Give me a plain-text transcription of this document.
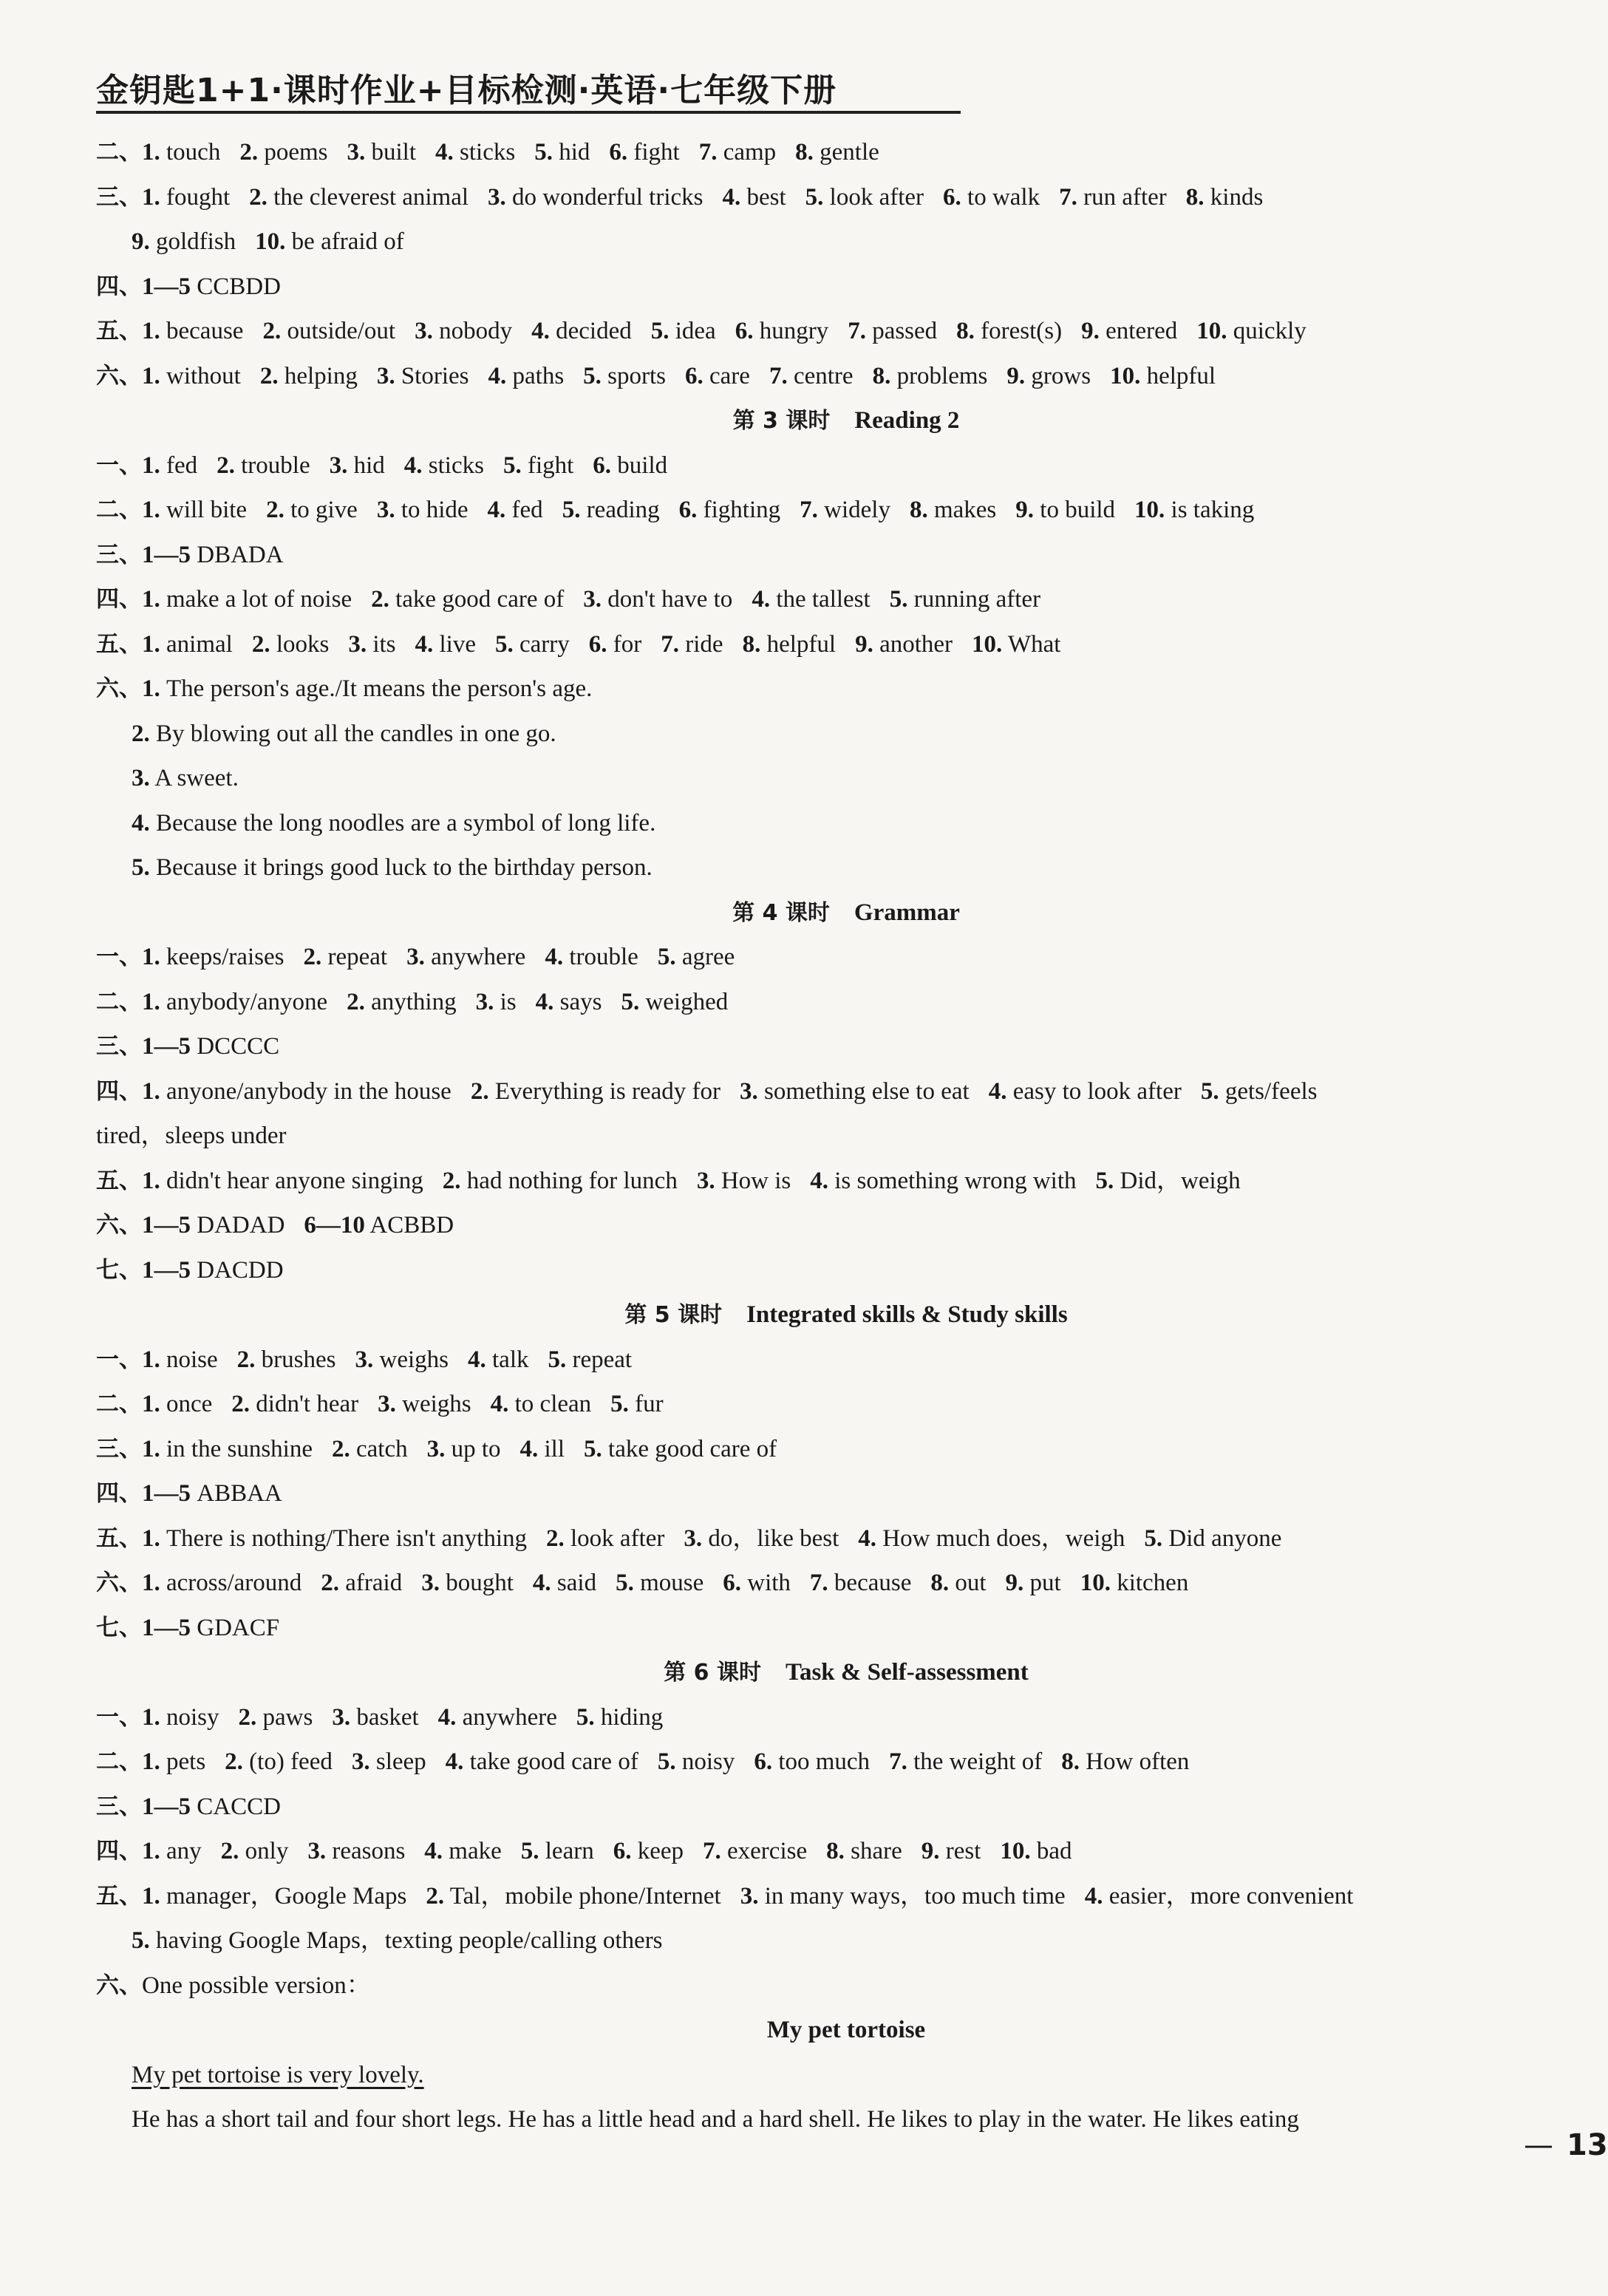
金钥匙1+1·课时作业+目标检测·英语·七年级下册
二、1. touch 2. poems 3. built 4. sticks 5. hid 6. fight 7. camp 8. gentle
三、1. fought 2. the cleverest animal 3. do wonderful tricks 4. best 5. look after 6. to walk 7. run after 8. kinds
9. goldfish 10. be afraid of
四、1—5 CCBDD
五、1. because 2. outside/out 3. nobody 4. decided 5. idea 6. hungry 7. passed 8. forest(s) 9. entered 10. quickly
六、1. without 2. helping 3. Stories 4. paths 5. sports 6. care 7. centre 8. problems 9. grows 10. helpful
第 3 课时  Reading 2
一、1. fed 2. trouble 3. hid 4. sticks 5. fight 6. build
二、1. will bite 2. to give 3. to hide 4. fed 5. reading 6. fighting 7. widely 8. makes 9. to build 10. is taking
三、1—5 DBADA
四、1. make a lot of noise 2. take good care of 3. don't have to 4. the tallest 5. running after
五、1. animal 2. looks 3. its 4. live 5. carry 6. for 7. ride 8. helpful 9. another 10. What
六、1. The person's age./It means the person's age.
2. By blowing out all the candles in one go.
3. A sweet.
4. Because the long noodles are a symbol of long life.
5. Because it brings good luck to the birthday person.
第 4 课时  Grammar
一、1. keeps/raises 2. repeat 3. anywhere 4. trouble 5. agree
二、1. anybody/anyone 2. anything 3. is 4. says 5. weighed
三、1—5 DCCCC
四、1. anyone/anybody in the house 2. Everything is ready for 3. something else to eat 4. easy to look after 5. gets/feels
tired，sleeps under
五、1. didn't hear anyone singing 2. had nothing for lunch 3. How is 4. is something wrong with 5. Did，weigh
六、1—5 DADAD 6—10 ACBBD
七、1—5 DACDD
第 5 课时  Integrated skills & Study skills
一、1. noise 2. brushes 3. weighs 4. talk 5. repeat
二、1. once 2. didn't hear 3. weighs 4. to clean 5. fur
三、1. in the sunshine 2. catch 3. up to 4. ill 5. take good care of
四、1—5 ABBAA
五、1. There is nothing/There isn't anything 2. look after 3. do，like best 4. How much does，weigh 5. Did anyone
六、1. across/around 2. afraid 3. bought 4. said 5. mouse 6. with 7. because 8. out 9. put 10. kitchen
七、1—5 GDACF
第 6 课时  Task & Self-assessment
一、1. noisy 2. paws 3. basket 4. anywhere 5. hiding
二、1. pets 2. (to) feed 3. sleep 4. take good care of 5. noisy 6. too much 7. the weight of 8. How often
三、1—5 CACCD
四、1. any 2. only 3. reasons 4. make 5. learn 6. keep 7. exercise 8. share 9. rest 10. bad
五、1. manager，Google Maps 2. Tal，mobile phone/Internet 3. in many ways，too much time 4. easier，more convenient
5. having Google Maps，texting people/calling others
六、One possible version：
My pet tortoise
My pet tortoise is very lovely.
He has a short tail and four short legs. He has a little head and a hard shell. He likes to play in the water. He likes eating
— 13
